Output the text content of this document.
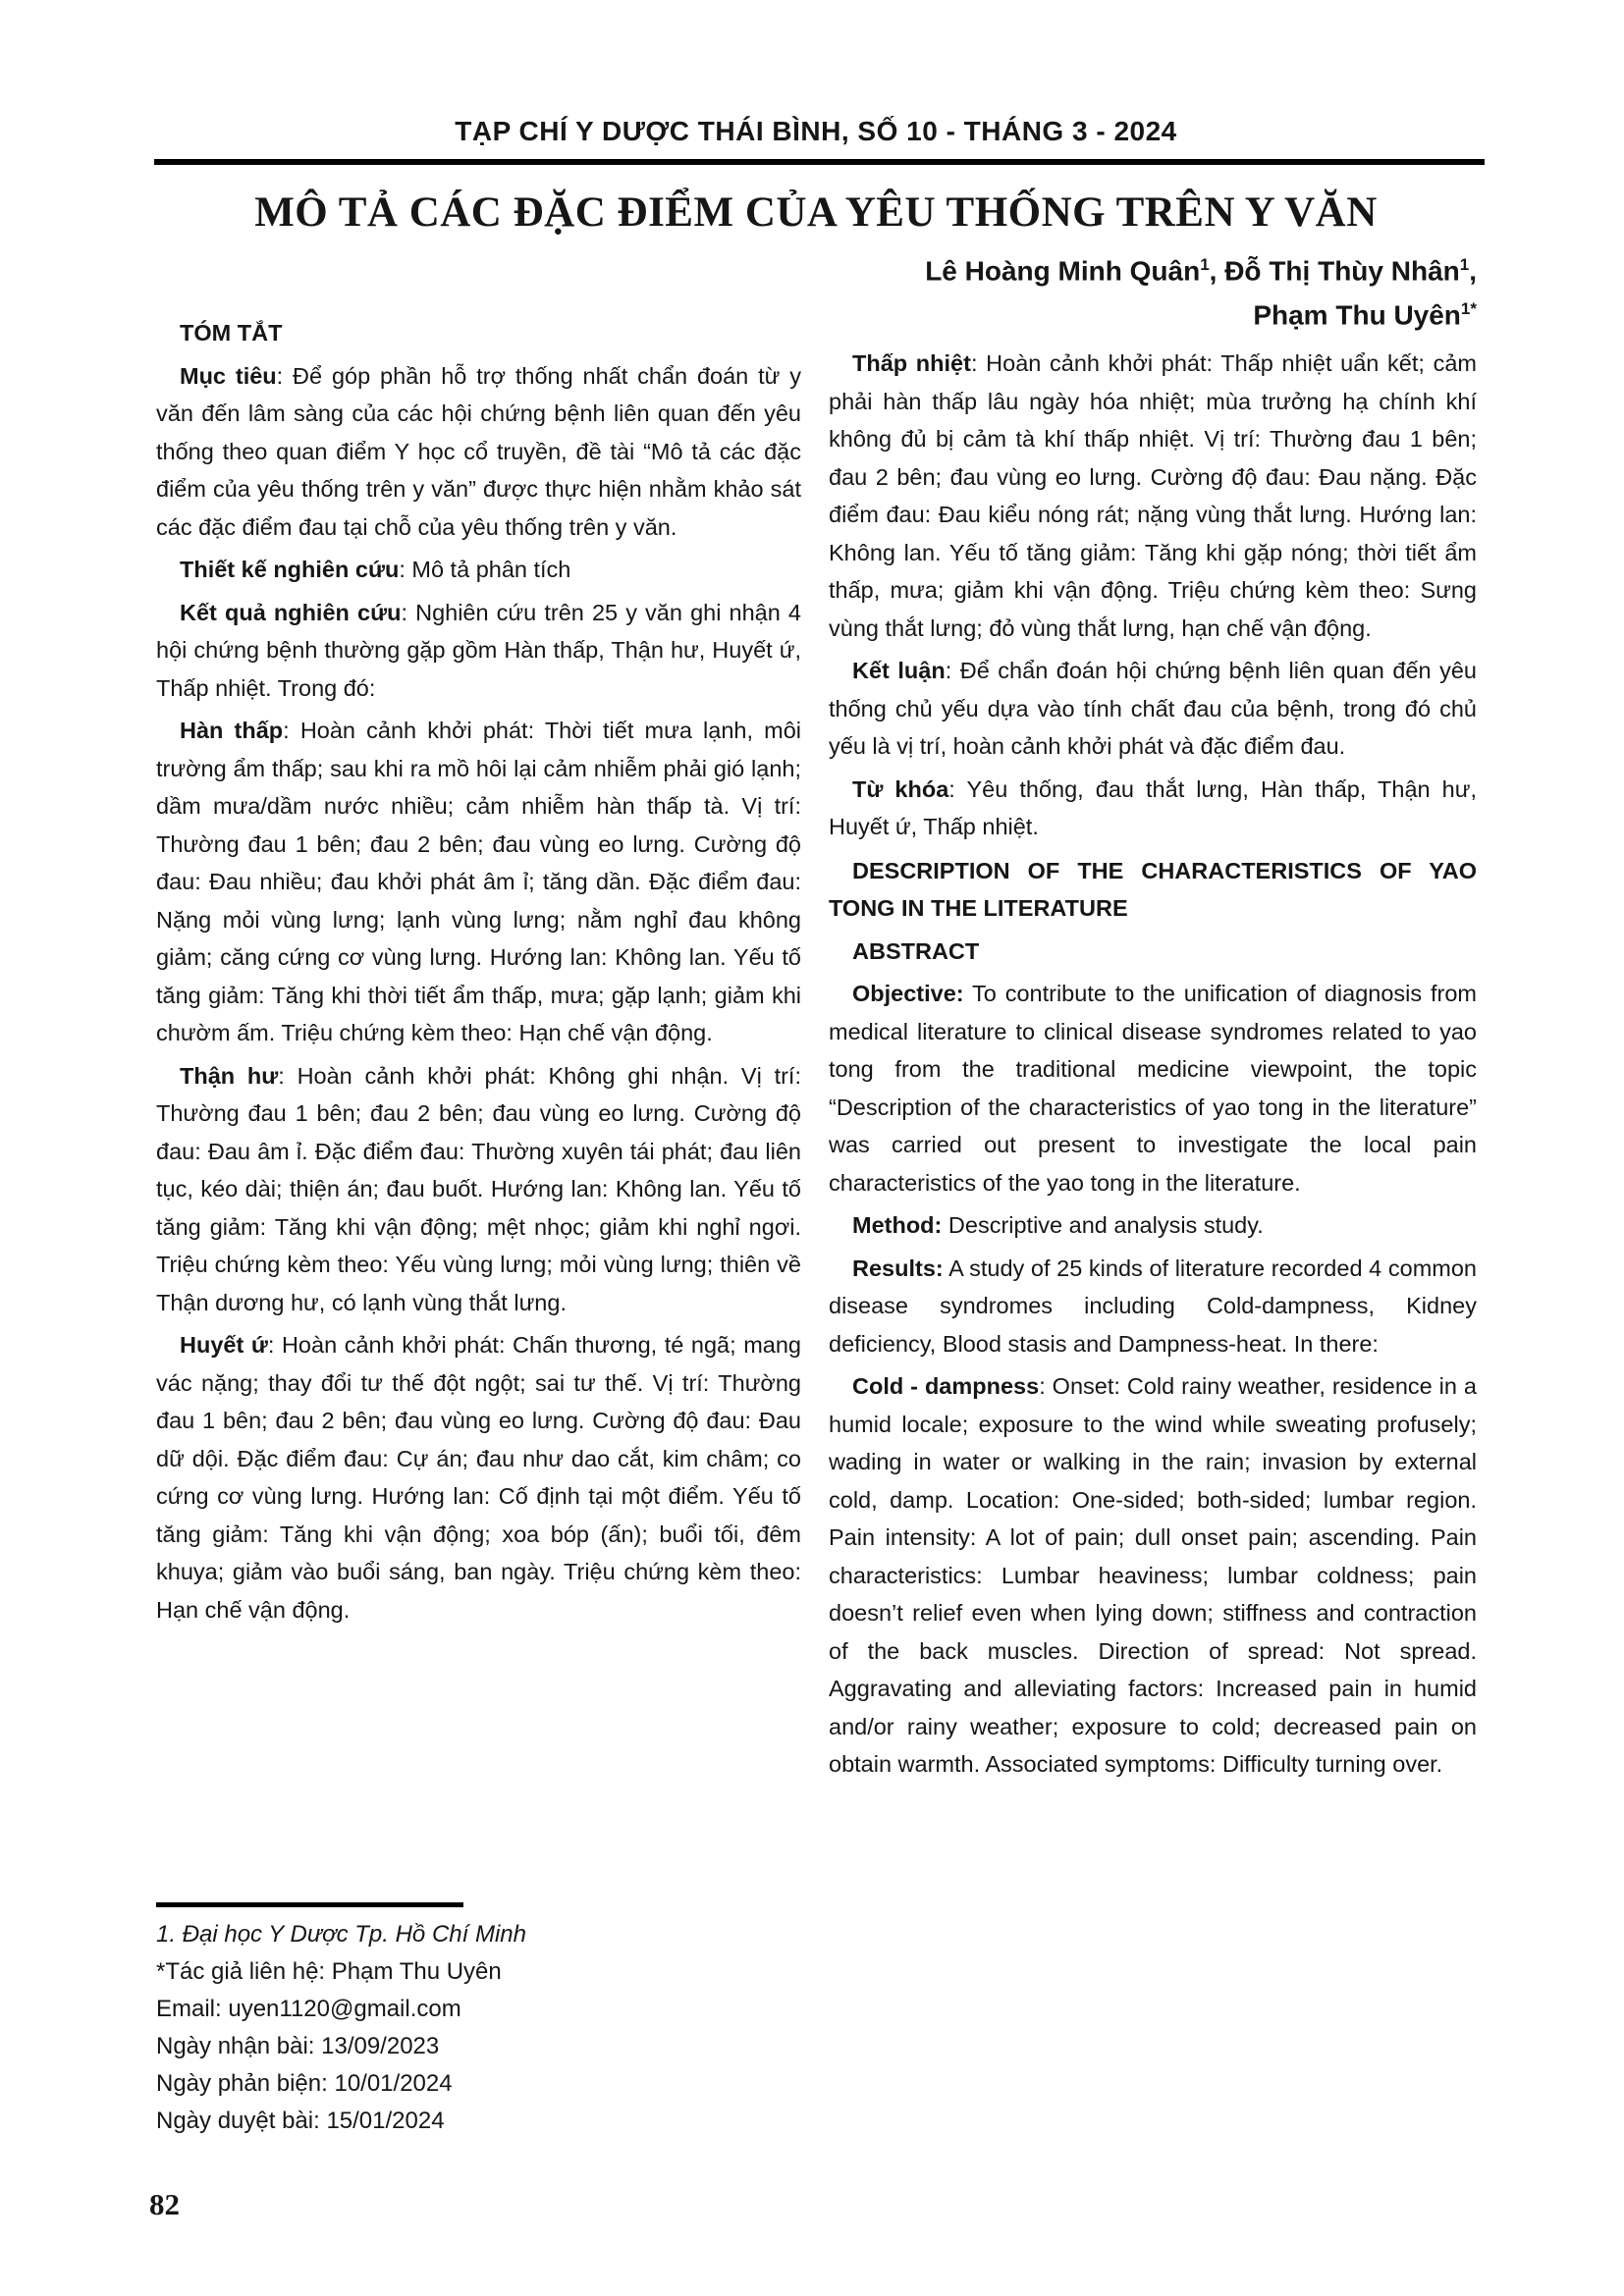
TẠP CHÍ Y DƯỢC THÁI BÌNH, SỐ 10 - THÁNG 3 - 2024
MÔ TẢ CÁC ĐẶC ĐIỂM CỦA YÊU THỐNG TRÊN Y VĂN
Lê Hoàng Minh Quân$^1$, Đỗ Thị Thùy Nhân$^1$,
Phạm Thu Uyên$^{1*}$
TÓM TẮT

Mục tiêu: Để góp phần hỗ trợ thống nhất chẩn đoán từ y văn đến lâm sàng của các hội chứng bệnh liên quan đến yêu thống theo quan điểm Y học cổ truyền, đề tài “Mô tả các đặc điểm của yêu thống trên y văn” được thực hiện nhằm khảo sát các đặc điểm đau tại chỗ của yêu thống trên y văn.

Thiết kế nghiên cứu: Mô tả phân tích

Kết quả nghiên cứu: Nghiên cứu trên 25 y văn ghi nhận 4 hội chứng bệnh thường gặp gồm Hàn thấp, Thận hư, Huyết ứ, Thấp nhiệt. Trong đó:

Hàn thấp: Hoàn cảnh khởi phát: Thời tiết mưa lạnh, môi trường ẩm thấp; sau khi ra mồ hôi lại cảm nhiễm phải gió lạnh; dầm mưa/dầm nước nhiều; cảm nhiễm hàn thấp tà. Vị trí: Thường đau 1 bên; đau 2 bên; đau vùng eo lưng. Cường độ đau: Đau nhiều; đau khởi phát âm ỉ; tăng dần. Đặc điểm đau: Nặng mỏi vùng lưng; lạnh vùng lưng; nằm nghỉ đau không giảm; căng cứng cơ vùng lưng. Hướng lan: Không lan. Yếu tố tăng giảm: Tăng khi thời tiết ẩm thấp, mưa; gặp lạnh; giảm khi chườm ấm. Triệu chứng kèm theo: Hạn chế vận động.

Thận hư: Hoàn cảnh khởi phát: Không ghi nhận. Vị trí: Thường đau 1 bên; đau 2 bên; đau vùng eo lưng. Cường độ đau: Đau âm ỉ. Đặc điểm đau: Thường xuyên tái phát; đau liên tục, kéo dài; thiện án; đau buốt. Hướng lan: Không lan. Yếu tố tăng giảm: Tăng khi vận động; mệt nhọc; giảm khi nghỉ ngơi. Triệu chứng kèm theo: Yếu vùng lưng; mỏi vùng lưng; thiên về Thận dương hư, có lạnh vùng thắt lưng.

Huyết ứ: Hoàn cảnh khởi phát: Chấn thương, té ngã; mang vác nặng; thay đổi tư thế đột ngột; sai tư thế. Vị trí: Thường đau 1 bên; đau 2 bên; đau vùng eo lưng. Cường độ đau: Đau dữ dội. Đặc điểm đau: Cự án; đau như dao cắt, kim châm; co cứng cơ vùng lưng. Hướng lan: Cố định tại một điểm. Yếu tố tăng giảm: Tăng khi vận động; xoa bóp (ấn); buổi tối, đêm khuya; giảm vào buổi sáng, ban ngày. Triệu chứng kèm theo: Hạn chế vận động.

Thấp nhiệt: Hoàn cảnh khởi phát: Thấp nhiệt uẩn kết; cảm phải hàn thấp lâu ngày hóa nhiệt; mùa trưởng hạ chính khí không đủ bị cảm tà khí thấp nhiệt. Vị trí: Thường đau 1 bên; đau 2 bên; đau vùng eo lưng. Cường độ đau: Đau nặng. Đặc điểm đau: Đau kiểu nóng rát; nặng vùng thắt lưng. Hướng lan: Không lan. Yếu tố tăng giảm: Tăng khi gặp nóng; thời tiết ẩm thấp, mưa; giảm khi vận động. Triệu chứng kèm theo: Sưng vùng thắt lưng; đỏ vùng thắt lưng, hạn chế vận động.

Kết luận: Để chẩn đoán hội chứng bệnh liên quan đến yêu thống chủ yếu dựa vào tính chất đau của bệnh, trong đó chủ yếu là vị trí, hoàn cảnh khởi phát và đặc điểm đau.

Từ khóa: Yêu thống, đau thắt lưng, Hàn thấp, Thận hư, Huyết ứ, Thấp nhiệt.

DESCRIPTION OF THE CHARACTERISTICS OF YAO TONG IN THE LITERATURE

ABSTRACT

Objective: To contribute to the unification of diagnosis from medical literature to clinical disease syndromes related to yao tong from the traditional medicine viewpoint, the topic “Description of the characteristics of yao tong in the literature” was carried out present to investigate the local pain characteristics of the yao tong in the literature.

Method: Descriptive and analysis study.

Results: A study of 25 kinds of literature recorded 4 common disease syndromes including Cold-dampness, Kidney deficiency, Blood stasis and Dampness-heat. In there:

Cold - dampness: Onset: Cold rainy weather, residence in a humid locale; exposure to the wind while sweating profusely; wading in water or walking in the rain; invasion by external cold, damp. Location: One-sided; both-sided; lumbar region. Pain intensity: A lot of pain; dull onset pain; ascending. Pain characteristics: Lumbar heaviness; lumbar coldness; pain doesn’t relief even when lying down; stiffness and contraction of the back muscles. Direction of spread: Not spread. Aggravating and alleviating factors: Increased pain in humid and/or rainy weather; exposure to cold; decreased pain on obtain warmth. Associated symptoms: Difficulty turning over.

1. Đại học Y Dược Tp. Hồ Chí Minh

*Tác giả liên hệ: Phạm Thu Uyên

Email: uyen1120@gmail.com

Ngày nhận bài: 13/09/2023

Ngày phản biện: 10/01/2024

Ngày duyệt bài: 15/01/2024

82
